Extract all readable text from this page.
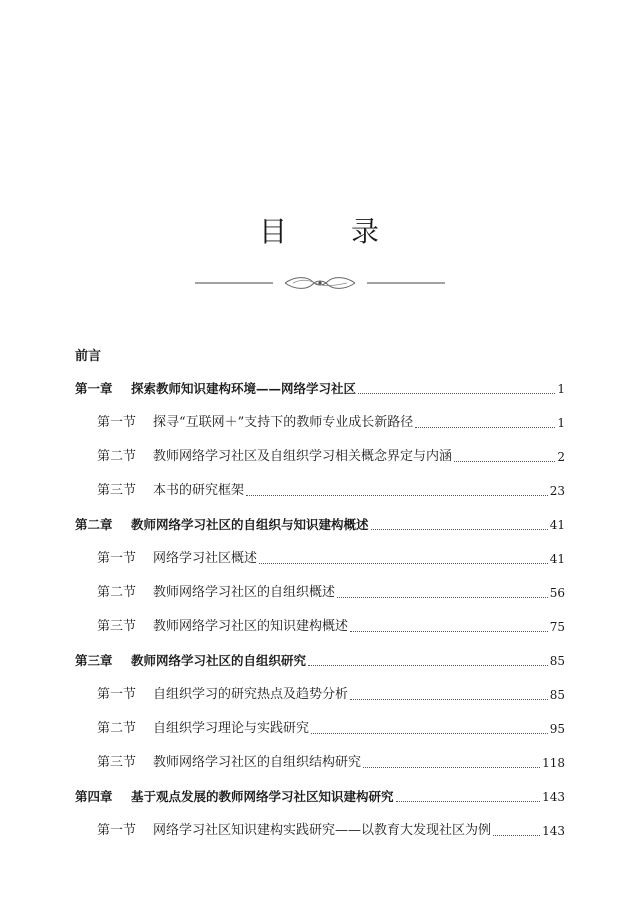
目 录
前言
第一章	探索教师知识建构环境——网络学习社区	1
第一节	探寻“互联网＋”支持下的教师专业成长新路径	1
第二节	教师网络学习社区及自组织学习相关概念界定与内涵	2
第三节	本书的研究框架	23
第二章	教师网络学习社区的自组织与知识建构概述	41
第一节	网络学习社区概述	41
第二节	教师网络学习社区的自组织概述	56
第三节	教师网络学习社区的知识建构概述	75
第三章	教师网络学习社区的自组织研究	85
第一节	自组织学习的研究热点及趋势分析	85
第二节	自组织学习理论与实践研究	95
第三节	教师网络学习社区的自组织结构研究	118
第四章	基于观点发展的教师网络学习社区知识建构研究	143
第一节	网络学习社区知识建构实践研究——以教育大发现社区为例	143
